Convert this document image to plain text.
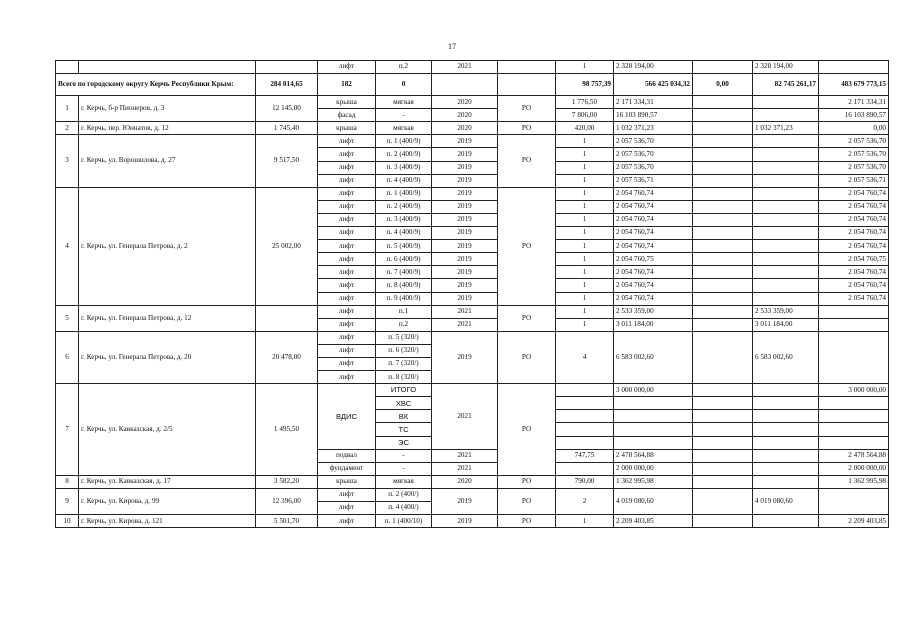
17
			лифт	п.2	2021		1	2 328 194,00		2 328 194,00	
Всего по городскому округу Керчь Республики Крым:		284 014,65	182	0			98 757,39	566 425 034,32	0,00	82 745 261,17	483 679 773,15
1	г. Керчь, б-р Пионеров, д. 3	12 145,00	крыша	мягкая	2020	РО	1 776,50	2 171 334,31			2 171 334,31
			фасад	-	2020		7 806,00	16 103 890,57			16 103 890,57
2	г. Керчь, пер. Юннатов, д. 12	1 745,40	крыша	мягкая	2020	РО	420,00	1 032 371,23		1 032 371,23	0,00
3	г. Керчь, ул. Ворошилова, д. 27	9 517,50	лифт	п. 1 (400/9)	2019	РО	1	2 057 536,70			2 057 536,70
			лифт	п. 2 (400/9)	2019		1	2 057 536,70			2 057 536,70
			лифт	п. 3 (400/9)	2019		1	2 057 536,70			2 057 536,70
			лифт	п. 4 (400/9)	2019		1	2 057 536,71			2 057 536,71
4	г. Керчь, ул. Генерала Петрова, д. 2	25 002,00	лифт	п. 1 (400/9)	2019	РО	1	2 054 760,74			2 054 760,74
			лифт	п. 2 (400/9)	2019		1	2 054 760,74			2 054 760,74
			лифт	п. 3 (400/9)	2019		1	2 054 760,74			2 054 760,74
			лифт	п. 4 (400/9)	2019		1	2 054 760,74			2 054 760,74
			лифт	п. 5 (400/9)	2019		1	2 054 760,74			2 054 760,74
			лифт	п. 6 (400/9)	2019		1	2 054 760,75			2 054 760,75
			лифт	п. 7 (400/9)	2019		1	2 054 760,74			2 054 760,74
			лифт	п. 8 (400/9)	2019		1	2 054 760,74			2 054 760,74
			лифт	п. 9 (400/9)	2019		1	2 054 760,74			2 054 760,74
5	г. Керчь, ул. Генерала Петрова, д. 12		лифт	п.1	2021	РО	1	2 533 359,00		2 533 359,00	
			лифт	п.2	2021		1	3 011 184,00		3 011 184,00	
6	г. Керчь, ул. Генерала Петрова, д. 20	20 478,00	лифт	п. 5 (320/)	2019	РО	4	6 583 002,60		6 583 002,60	
			лифт	п. 6 (320/)							
			лифт	п. 7 (320/)							
			лифт	п. 8 (320/)							
7	г. Керчь, ул. Кавказская, д. 2/5	1 495,50	ВДИС	ИТОГО	2021	РО		3 000 000,00			3 000 000,00
				ХВС							
				ВК							
				ТС							
				ЭС							
			подвал	-	2021		747,75	2 478 564,88			2 478 564,88
			фундамент	-	2021			2 000 000,00			2 000 000,00
8	г. Керчь, ул. Кавказская, д. 17	3 582,20	крыша	мягкая	2020	РО	790,00	1 362 995,98			1 362 995,98
9	г. Керчь, ул. Кирова, д. 99	12 396,00	лифт	п. 2 (400/)	2019	РО	2	4 019 080,60		4 019 080,60	
			лифт	п. 4 (400/)							
10	г. Керчь, ул. Кирова, д. 121	5 501,70	лифт	п. 1 (400/10)	2019	РО	1	2 209 403,85			2 209 403,85
